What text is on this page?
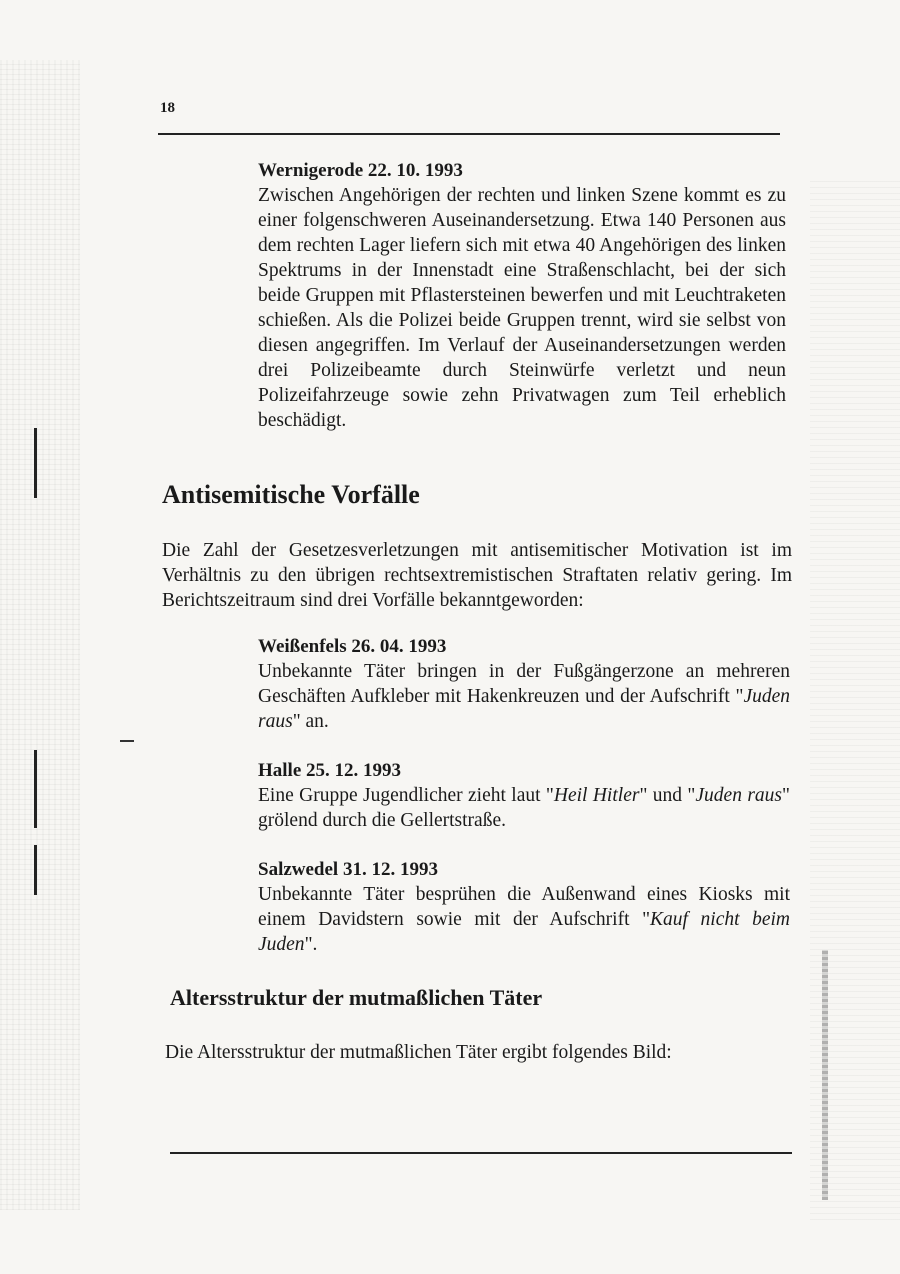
18
Wernigerode 22. 10. 1993
Zwischen Angehörigen der rechten und linken Szene kommt es zu einer folgenschweren Auseinandersetzung. Etwa 140 Personen aus dem rechten Lager liefern sich mit etwa 40 Angehörigen des linken Spektrums in der Innenstadt eine Straßenschlacht, bei der sich beide Gruppen mit Pflastersteinen bewerfen und mit Leuchtraketen schießen. Als die Polizei beide Gruppen trennt, wird sie selbst von diesen angegriffen. Im Verlauf der Auseinandersetzungen werden drei Polizeibeamte durch Steinwürfe verletzt und neun Polizeifahrzeuge sowie zehn Privatwagen zum Teil erheblich beschädigt.
Antisemitische Vorfälle
Die Zahl der Gesetzesverletzungen mit antisemitischer Motivation ist im Verhältnis zu den übrigen rechtsextremistischen Straftaten relativ gering. Im Berichtszeitraum sind drei Vorfälle bekanntgeworden:
Weißenfels 26. 04. 1993
Unbekannte Täter bringen in der Fußgängerzone an mehreren Geschäften Aufkleber mit Hakenkreuzen und der Aufschrift "Juden raus" an.
Halle 25. 12. 1993
Eine Gruppe Jugendlicher zieht laut "Heil Hitler" und "Juden raus" grölend durch die Gellertstraße.
Salzwedel 31. 12. 1993
Unbekannte Täter besprühen die Außenwand eines Kiosks mit einem Davidstern sowie mit der Aufschrift "Kauf nicht beim Juden".
Altersstruktur der mutmaßlichen Täter
Die Altersstruktur der mutmaßlichen Täter ergibt folgendes Bild:
